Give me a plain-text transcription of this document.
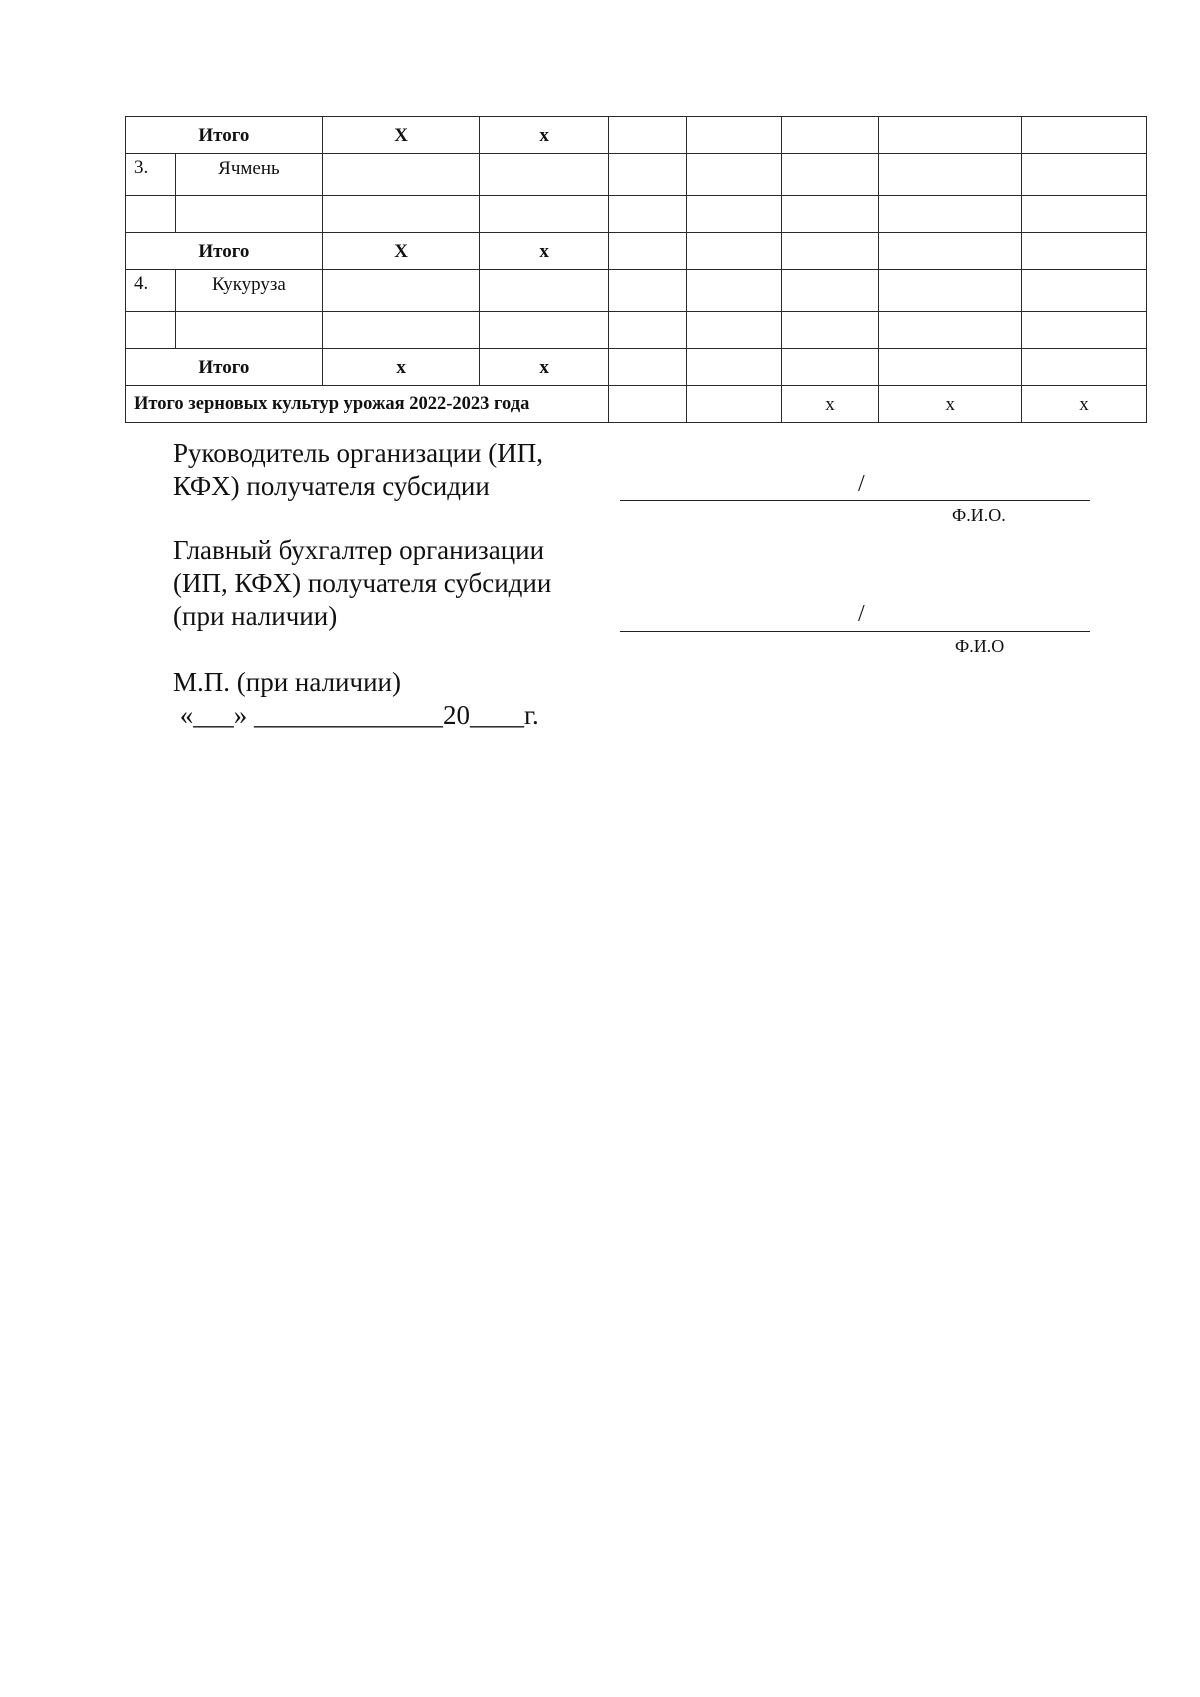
Итого		X	x					
3.	Ячмень							

Итого		X	x					
4.	Кукуруза							

Итого		x	x					
Итого зерновых культур урожая 2022-2023 года						x	x	x
Руководитель организации (ИП,
КФХ) получателя субсидии	/
Ф.И.О.
Главный бухгалтер организации
(ИП, КФХ) получателя субсидии
(при наличии)	/
Ф.И.О
М.П. (при наличии)
«___» ______________20____г.
